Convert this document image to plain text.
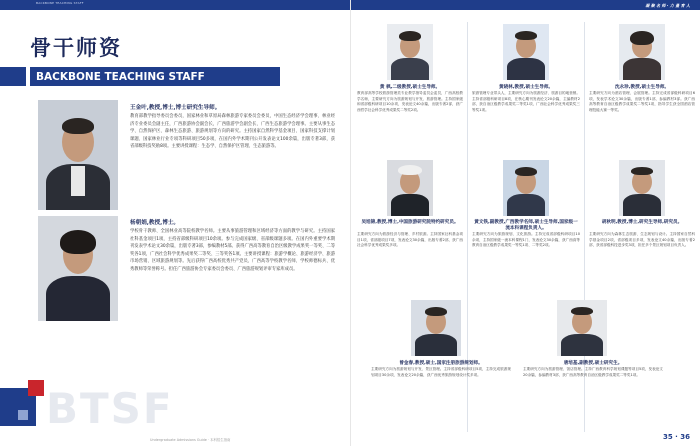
BACKBONE TEACHING STAFF
骨干师资
BACKBONE TEACHING STAFF
王金叶,教授,博士,博士研究生导师。
教育部教学指导委员会委员，国家林业和草原局森林旅游专家委员会委员，中国生态经济学会理事、林业经济专业委员会副主任，广西旅游协会副会长，广西旅游学会副会长、广西生态旅游学会理事。主要从事生态学、自然保护区、森林生态旅游、旅游规划等方向的研究。主持国家自然科学基金项目、国家科技支撑计划课题、国家林业行业专项等科研项目50多项，在国内外学术期刊公开发表论文100余篇，出版专著3部，获省部级科技奖励8项。主要讲授课程：生态学、自然保护区管理、生态旅游等。
杨朝娟,教授,博士。
学校骨干教师、全国林业高等院校教学名师。主要从事旅游管理和区域经济等方面的教学与研究。主持国家社科基金项目1项，主持省部级科研项目10余项。参与完成国家级、省部级课题多项。在国内外重要学术期刊发表学术论文30余篇，出版专著3部，参编教材5部。获得广西高等教育自治区级教学成果奖一等奖、二等奖各1项，广西社会科学优秀成果奖二等奖、三等奖各1项。主要讲授课程：旅游学概论、旅游经济学、旅游市场营销、区域旅游规划等。先后获得广西高校优秀共产党员、广西高等学校教学名师、学校师德标兵、优秀教师等荣誉称号。担任广西旅游协会专家委员会委员、广西旅游规划评审专家库成员。
BTSF
Undergraduate Admissions Guide · 本科招生指南
凝 聚 名 师 · 力 量 育 人
黄 枫,二级教授,硕士生导师。
教育部高等学校旅游管理类专业教学指导委员会委员，广西高校教学名师，主要研究方向为旅游规划与开发、旅游管理。主持国家级和省部级科研项目10余项，发表论文40余篇，出版专著2部，获广西哲学社会科学优秀成果奖二等奖2项。
黄晓林,教授,硕士生导师。
旅游管理专业带头人，主要研究方向为旅游经济、旅游目的地营销。主持省部级科研项目8项，在核心期刊发表论文20余篇，主编教材2部，获自治区级教学成果奖二等奖1项，广西社会科学优秀成果奖三等奖1项。
沈永珍,教授,硕士生导师。
主要研究方向为酒店管理、会展管理。主持完成省部级科研项目6项，发表学术论文30余篇，出版专著1部，参编教材3部。获广西高等教育自治区级教学成果奖二等奖1项，指导学生获全国酒店管理技能大赛一等奖。
吴旭锦,教授,博士,中国旅游研究院特约研究员。
主要研究方向为旅游经济与管理、乡村旅游。主持国家社科基金项目1项，省部级项目7项，发表论文30余篇，出版专著2部，获广西社会科学优秀成果奖多项。
黄文铁,副教授,广西教学名师,硕士生导师,国家级一流本科课程负责人。
主要研究方向为旅游规划、文化旅游。主持完成省部级科研项目10余项，主持国家级一流本科课程1门，发表论文30余篇，获广西高等教育自治区级教学成果奖一等奖1项、二等奖2项。
胡秋明,教授,博士,研究生导师,研究员。
主要研究方向为森林生态旅游、生态规划与设计。主持国家自然科学基金项目2项，省部级项目多项，发表论文40余篇，出版专著2部，获省部级科技进步奖3项，担任多个景区规划项目负责人。
曾金春,教授,硕士,国家注册旅游规划师。
主要研究方向为旅游规划与开发、景区管理。主持省部级科研项目5项，主持完成旅游规划项目30余项，发表论文20余篇，获广西优秀旅游规划设计奖多项。
唐培基,副教授,硕士研究生。
主要研究方向为旅游管理、饭店管理。主持广西教育科学规划课题等项目5项，发表论文20余篇，参编教材3部，获广西高等教育自治区级教学成果奖二等奖1项。
35 · 36
